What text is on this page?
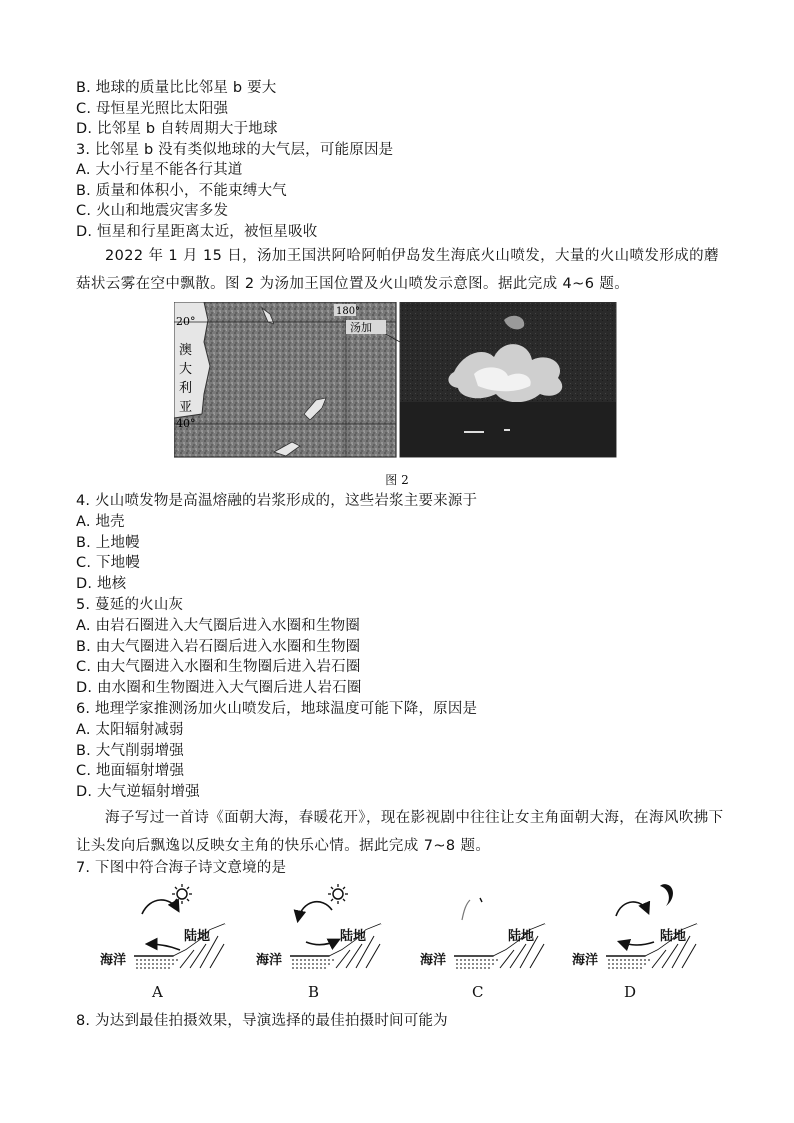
B. 地球的质量比比邻星 b 要大
C. 母恒星光照比太阳强
D. 比邻星 b 自转周期大于地球
3. 比邻星 b 没有类似地球的大气层，可能原因是
A. 大小行星不能各行其道
B. 质量和体积小，不能束缚大气
C. 火山和地震灾害多发
D. 恒星和行星距离太近，被恒星吸收
2022 年 1 月 15 日，汤加王国洪阿哈阿帕伊岛发生海底火山喷发，大量的火山喷发形成的蘑菇状云雾在空中飘散。图 2 为汤加王国位置及火山喷发示意图。据此完成 4~6 题。
20°
40°
180°
汤加
澳
大
利
亚
图 2
4. 火山喷发物是高温熔融的岩浆形成的，这些岩浆主要来源于
A. 地壳
B. 上地幔
C. 下地幔
D. 地核
5. 蔓延的火山灰
A. 由岩石圈进入大气圈后进入水圈和生物圈
B. 由大气圈进入岩石圈后进入水圈和生物圈
C. 由大气圈进入水圈和生物圈后进入岩石圈
D. 由水圈和生物圈进入大气圈后进人岩石圈
6. 地理学家推测汤加火山喷发后，地球温度可能下降，原因是
A. 太阳辐射减弱
B. 大气削弱增强
C. 地面辐射增强
D. 大气逆辐射增强
海子写过一首诗《面朝大海，春暖花开》，现在影视剧中往往让女主角面朝大海，在海风吹拂下让头发向后飘逸以反映女主角的快乐心情。据此完成 7~8 题。
7. 下图中符合海子诗文意境的是
陆地
海洋
A
陆地
海洋
B
陆地
海洋
C
陆地
海洋
D
8. 为达到最佳拍摄效果，导演选择的最佳拍摄时间可能为
